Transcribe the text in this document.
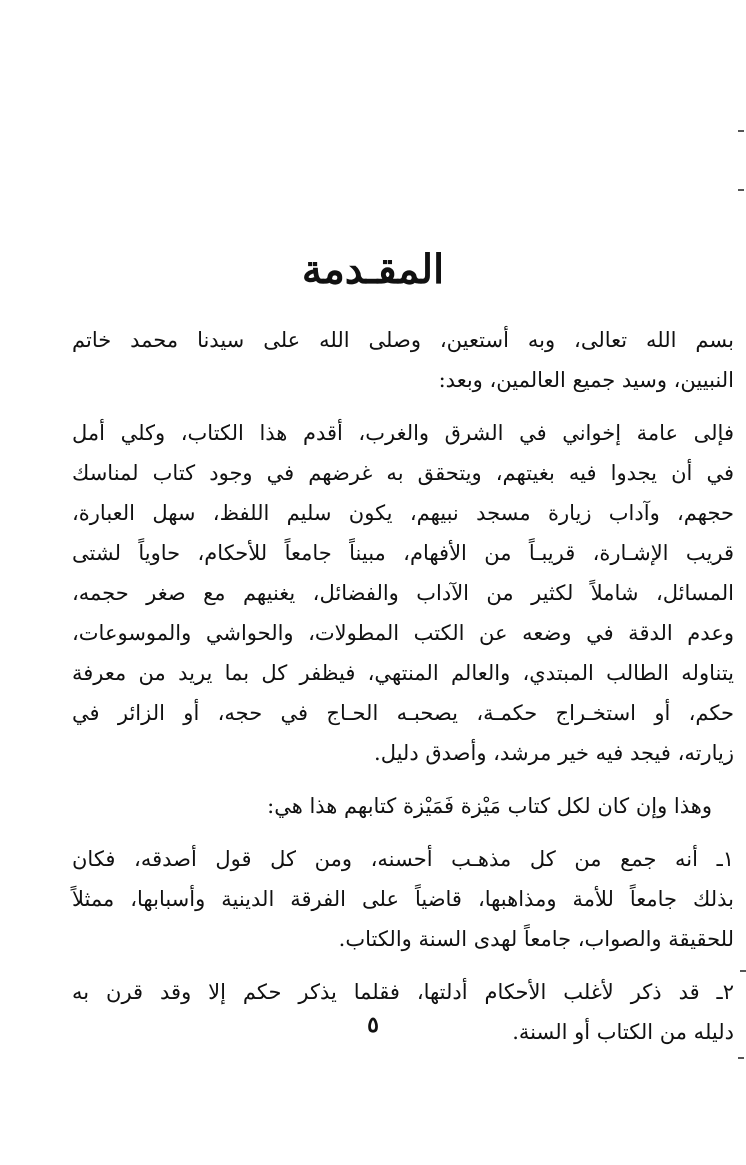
المقـدمة

بسم الله تعالى، وبه أستعين، وصلى الله على سيدنا محمد خاتم
النبيين، وسيد جميع العالمين، وبعد:

فإلى عامة إخواني في الشرق والغرب، أقدم هذا الكتاب، وكلي أمل
في أن يجدوا فيه بغيتهم، ويتحقق به غرضهم في وجود كتاب لمناسك
حجهم، وآداب زيارة مسجد نبيهم، يكون سليم اللفظ، سهل العبارة،
قريب الإشـارة، قريبـاً من الأفهام، مبيناً جامعاً للأحكام، حاوياً لشتى
المسائل، شاملاً لكثير من الآداب والفضائل، يغنيهم مع صغر حجمه،
وعدم الدقة في وضعه عن الكتب المطولات، والحواشي والموسوعات،
يتناوله الطالب المبتدي، والعالم المنتهي، فيظفر كل بما يريد من معرفة
حكم، أو استخـراج حكمـة، يصحبـه الحـاج في حجه، أو الزائر في
زيارته، فيجد فيه خير مرشد، وأصدق دليل.

وهذا وإن كان لكل كتاب مَيْزة فَمَيْزة كتابهم هذا هي:

١ـ أنه جمع من كل مذهـب أحسنه، ومن كل قول أصدقه، فكان
بذلك جامعاً للأمة ومذاهبها، قاضياً على الفرقة الدينية وأسبابها، ممثلاً
للحقيقة والصواب، جامعاً لهدى السنة والكتاب.

٢ـ قد ذكر لأغلب الأحكام أدلتها، فقلما يذكر حكم إلا وقد قرن به
دليله من الكتاب أو السنة.

٥
